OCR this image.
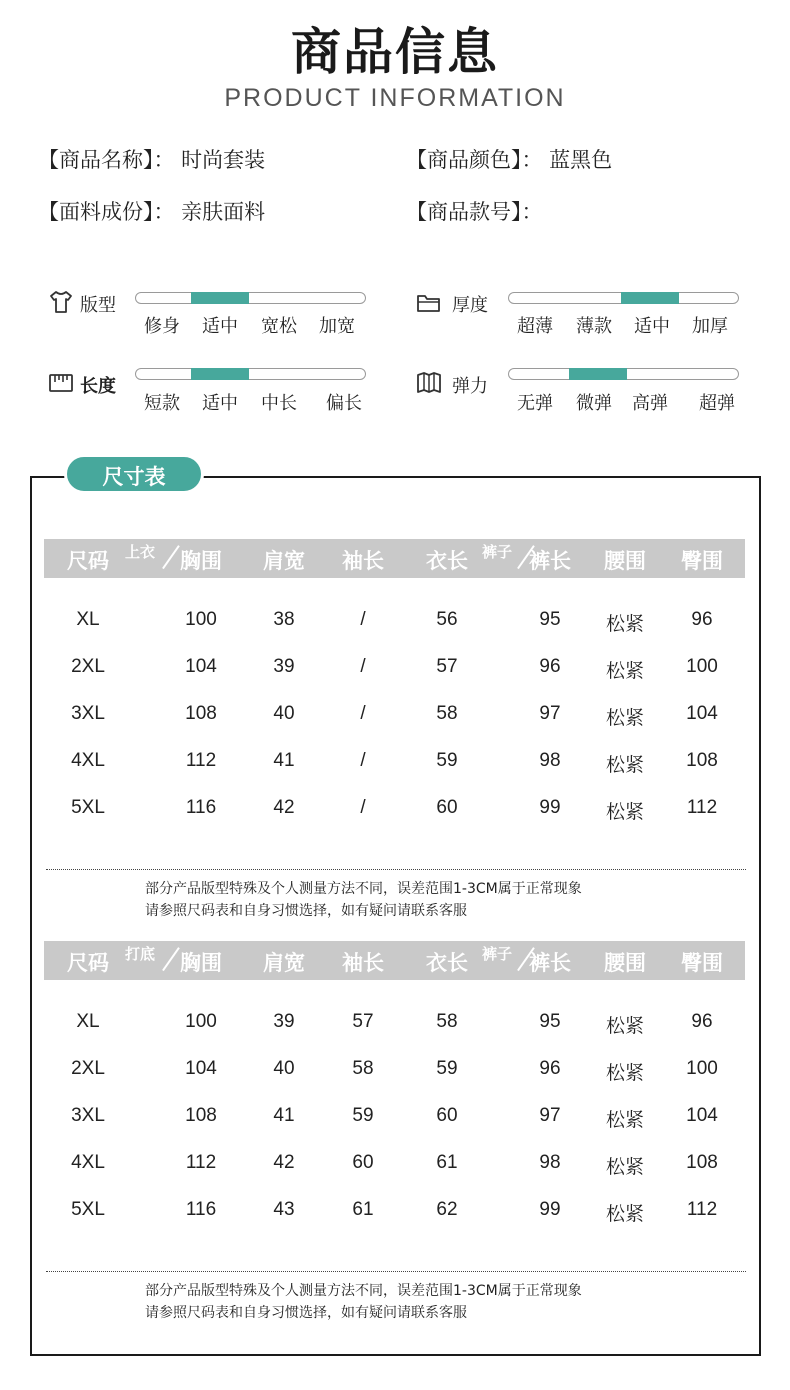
商品信息
PRODUCT INFORMATION
【商品名称】： 时尚套装	【商品颜色】： 蓝黑色
【面料成份】： 亲肤面料	【商品款号】：
版型
修身 适中 宽松 加宽
厚度
超薄 薄款 适中 加厚
长度
短款 适中 中长 偏长
弹力
无弹 微弹 高弹 超弹
尺寸表
尺码	胸围 肩宽 袖长 衣长	裤长 腰围 臀围
上衣	裤子
XL	100	38	/	56	95 松紧 96
2XL	104	39	/	57	96 松紧 100
3XL	108	40	/	58	97 松紧 104
4XL	112	41	/	59	98 松紧 108
5XL	116	42	/	60	99 松紧 112
部分产品版型特殊及个人测量方法不同，误差范围1-3CM属于正常现象
请参照尺码表和自身习惯选择，如有疑问请联系客服
尺码	胸围 肩宽 袖长 衣长	裤长 腰围 臀围
打底	裤子
XL	100	39	57	58	95 松紧 96
2XL	104	40	58	59	96 松紧 100
3XL	108	41	59	60	97 松紧 104
4XL	112	42	60	61	98 松紧 108
5XL	116	43	61	62	99 松紧 112
部分产品版型特殊及个人测量方法不同，误差范围1-3CM属于正常现象
请参照尺码表和自身习惯选择，如有疑问请联系客服
